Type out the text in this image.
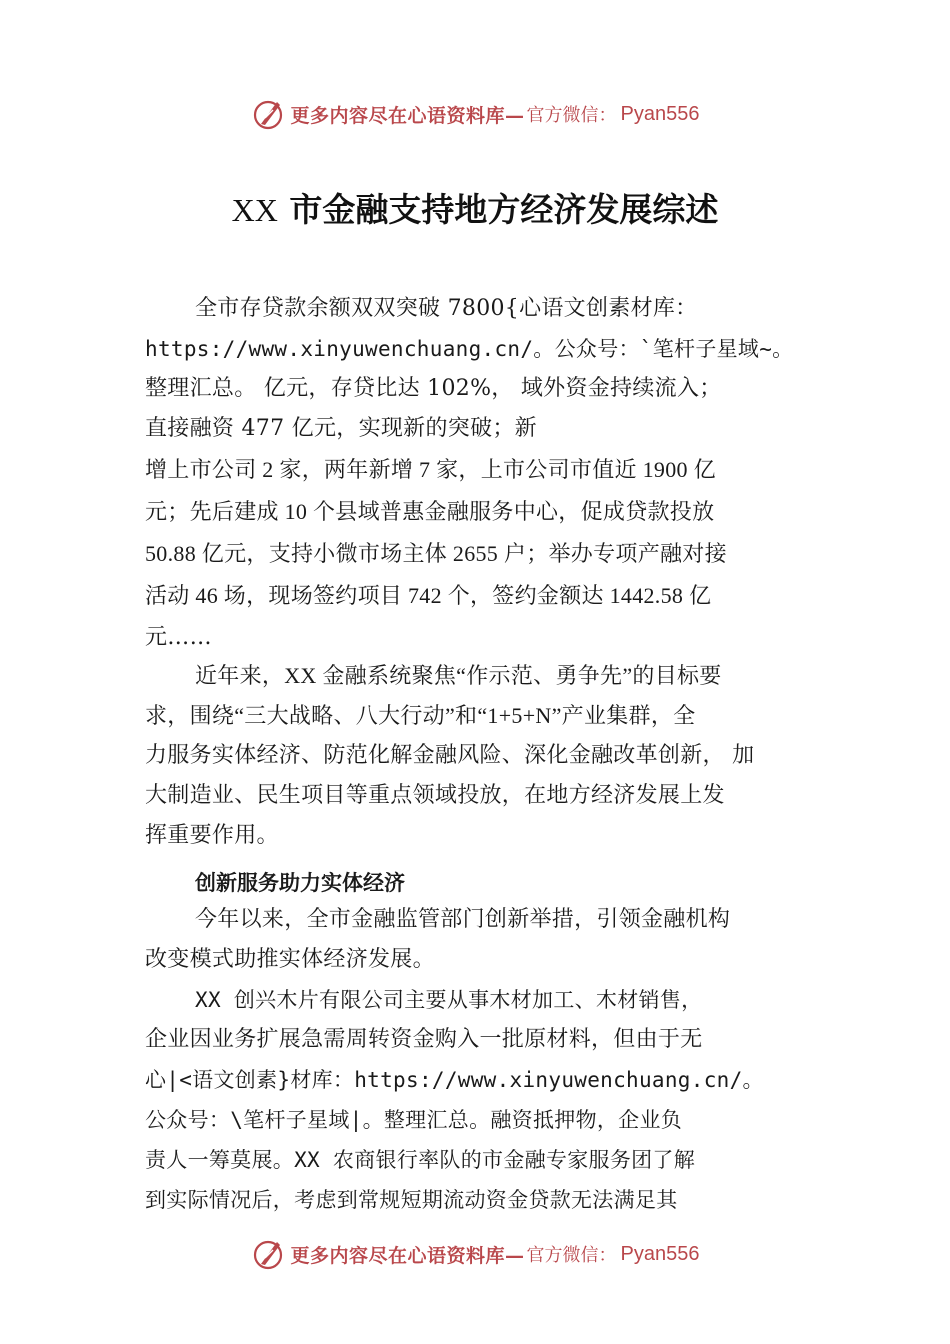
更多内容尽在心语资料库— 官方微信： Pyan556
XX 市金融支持地方经济发展综述
全市存贷款余额双双突破 7800{心语文创素材库：
https://www.xinyuwenchuang.cn/。公众号：`笔杆子星域~。
整理汇总。 亿元，存贷比达 102%， 域外资金持续流入；
直接融资 477 亿元，实现新的突破；新
增上市公司 2 家，两年新增 7 家，上市公司市值近 1900 亿
元；先后建成 10 个县域普惠金融服务中心，促成贷款投放
50.88 亿元，支持小微市场主体 2655 户；举办专项产融对接
活动 46 场，现场签约项目 742 个，签约金额达 1442.58 亿
元……
近年来，XX 金融系统聚焦“作示范、勇争先”的目标要
求，围绕“三大战略、八大行动”和“1+5+N”产业集群，全
力服务实体经济、防范化解金融风险、深化金融改革创新， 加
大制造业、民生项目等重点领域投放，在地方经济发展上发
挥重要作用。
创新服务助力实体经济
今年以来，全市金融监管部门创新举措，引领金融机构
改变模式助推实体经济发展。
XX 创兴木片有限公司主要从事木材加工、木材销售，
企业因业务扩展急需周转资金购入一批原材料，但由于无
心|<语文创素}材库：https://www.xinyuwenchuang.cn/。
公众号：\笔杆子星域|。整理汇总。融资抵押物，企业负
责人一筹莫展。XX 农商银行率队的市金融专家服务团了解
到实际情况后，考虑到常规短期流动资金贷款无法满足其
更多内容尽在心语资料库— 官方微信： Pyan556
